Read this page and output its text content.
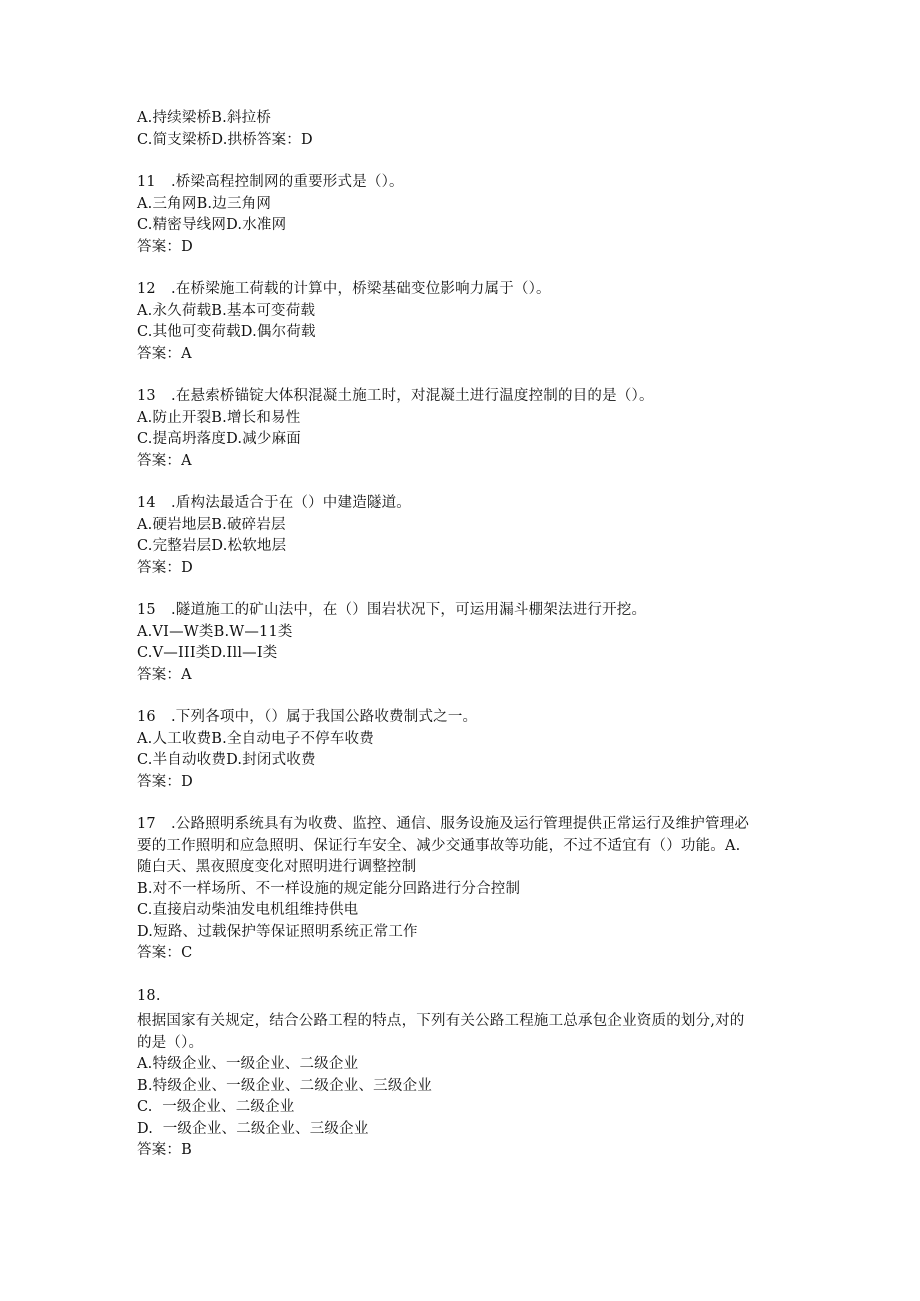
A.持续梁桥B.斜拉桥
C.简支梁桥D.拱桥答案：D
11 .桥梁高程控制网的重要形式是（）。
A.三角网B.边三角网
C.精密导线网D.水准网
答案：D
12 .在桥梁施工荷载的计算中，桥梁基础变位影响力属于（）。
A.永久荷载B.基本可变荷载
C.其他可变荷载D.偶尔荷载
答案：A
13 .在悬索桥锚锭大体积混凝土施工时，对混凝土进行温度控制的目的是（）。
A.防止开裂B.增长和易性
C.提高坍落度D.减少麻面
答案：A
14 .盾构法最适合于在（）中建造隧道。
A.硬岩地层B.破碎岩层
C.完整岩层D.松软地层
答案：D
15 .隧道施工的矿山法中，在（）围岩状况下，可运用漏斗棚架法进行开挖。
A.VI—W类B.W—11类
C.V—III类D.Ill—I类
答案：A
16 .下列各项中，（）属于我国公路收费制式之一。
A.人工收费B.全自动电子不停车收费
C.半自动收费D.封闭式收费
答案：D
17 .公路照明系统具有为收费、监控、通信、服务设施及运行管理提供正常运行及维护管理必
要的工作照明和应急照明、保证行车安全、减少交通事故等功能，不过不适宜有（）功能。A.
随白天、黑夜照度变化对照明进行调整控制
B.对不一样场所、不一样设施的规定能分回路进行分合控制
C.直接启动柴油发电机组维持供电
D.短路、过载保护等保证照明系统正常工作
答案：C
18.
根据国家有关规定，结合公路工程的特点，下列有关公路工程施工总承包企业资质的划分,对的
的是（）。
A.特级企业、一级企业、二级企业
B.特级企业、一级企业、二级企业、三级企业
C.  一级企业、二级企业
D.  一级企业、二级企业、三级企业
答案：B
